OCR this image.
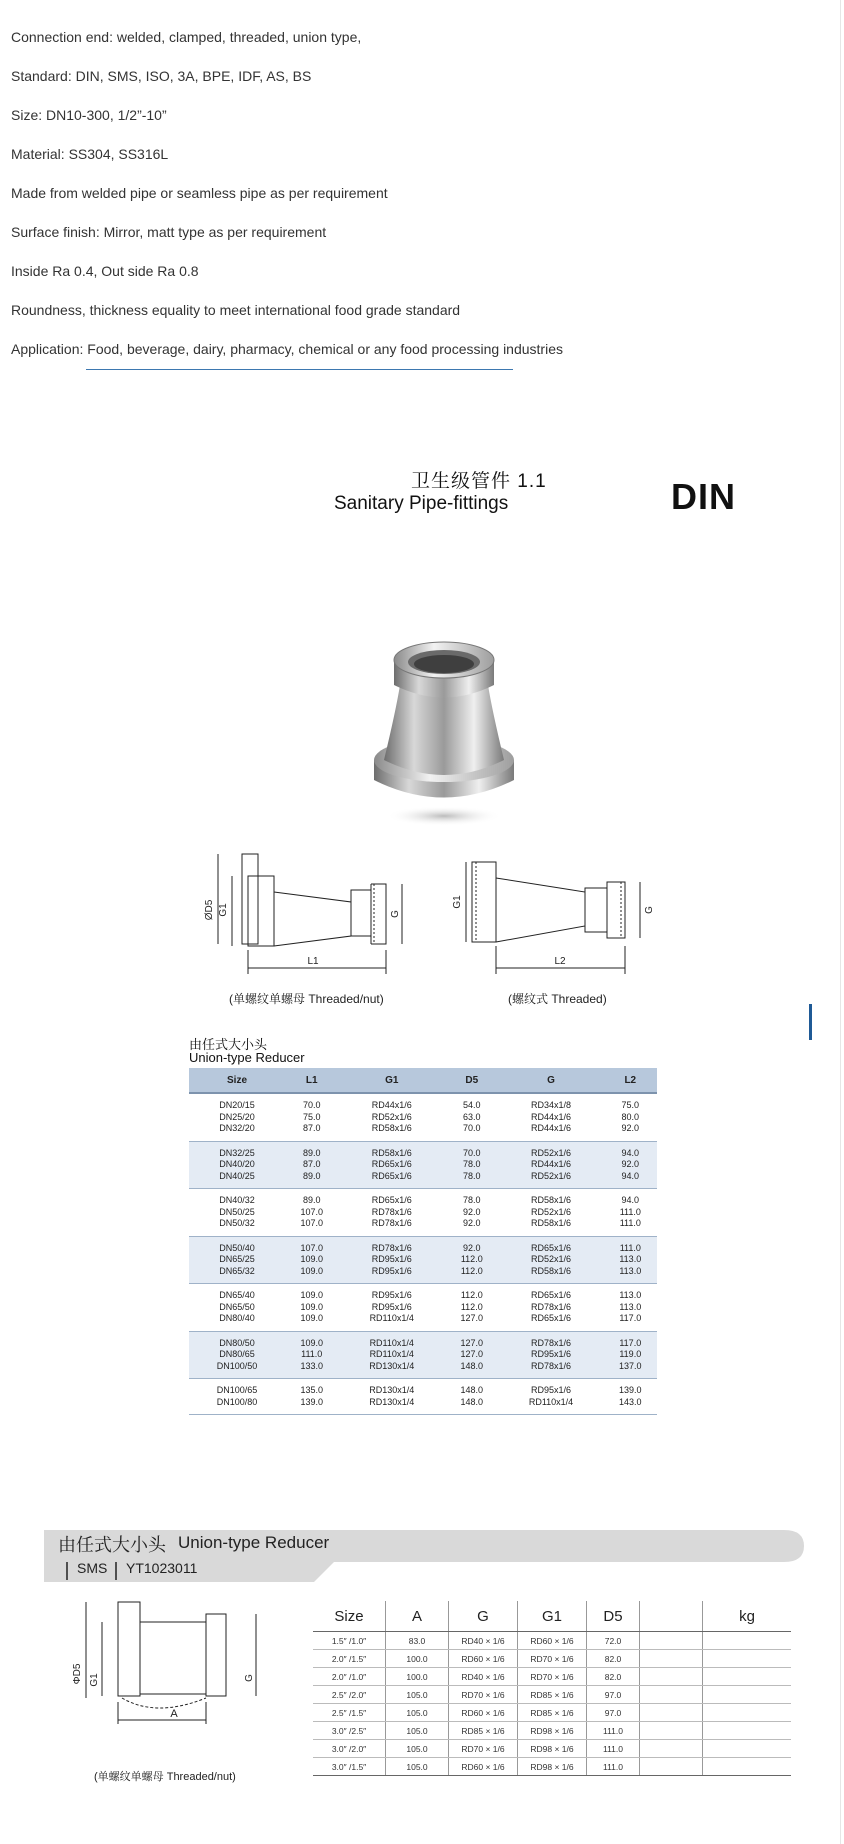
Connection end: welded, clamped, threaded, union type,
Standard: DIN, SMS, ISO, 3A, BPE, IDF, AS, BS
Size: DN10-300, 1/2”-10”
Material: SS304, SS316L
Made from welded pipe or seamless pipe as per requirement
Surface finish: Mirror, matt type as per requirement
Inside Ra 0.4, Out side Ra 0.8
Roundness, thickness equality to meet international food grade standard
Application: Food, beverage, dairy, pharmacy, chemical or any food processing industries
卫生级管件 1.1
Sanitary Pipe-fittings	DIN
ØD5 G1	G
L1
(单螺纹单螺母 Threaded/nut)
G1
G
L2
(螺纹式 Threaded)
由任式大小头
Union-type Reducer
Size	L1	G1	D5	G	L2
DN20/15	70.0	RD44x1/6	54.0	RD34x1/8	75.0
DN25/20	75.0	RD52x1/6	63.0	RD44x1/6	80.0
DN32/20	87.0	RD58x1/6	70.0	RD44x1/6	92.0
DN32/25	89.0	RD58x1/6	70.0	RD52x1/6	94.0
DN40/20	87.0	RD65x1/6	78.0	RD44x1/6	92.0
DN40/25	89.0	RD65x1/6	78.0	RD52x1/6	94.0
DN40/32	89.0	RD65x1/6	78.0	RD58x1/6	94.0
DN50/25	107.0	RD78x1/6	92.0	RD52x1/6	111.0
DN50/32	107.0	RD78x1/6	92.0	RD58x1/6	111.0
DN50/40	107.0	RD78x1/6	92.0	RD65x1/6	111.0
DN65/25	109.0	RD95x1/6	112.0	RD52x1/6	113.0
DN65/32	109.0	RD95x1/6	112.0	RD58x1/6	113.0
DN65/40	109.0	RD95x1/6	112.0	RD65x1/6	113.0
DN65/50	109.0	RD95x1/6	112.0	RD78x1/6	113.0
DN80/40	109.0	RD110x1/4	127.0	RD65x1/6	117.0
DN80/50	109.0	RD110x1/4	127.0	RD78x1/6	117.0
DN80/65	111.0	RD110x1/4	127.0	RD95x1/6	119.0
DN100/50	133.0	RD130x1/4	148.0	RD78x1/6	137.0
DN100/65	135.0	RD130x1/4	148.0	RD95x1/6	139.0
DN100/80	139.0	RD130x1/4	148.0	RD110x1/4	143.0
由任式大小头 Union-type Reducer
SMS YT1023011
ΦD5 G1	G
A
(单螺纹单螺母 Threaded/nut)
Size	A	G	G1	D5		kg
1.5″ /1.0″	83.0	RD40 × 1/6	RD60 × 1/6	72.0		
2.0″ /1.5″	100.0	RD60 × 1/6	RD70 × 1/6	82.0		
2.0″ /1.0″	100.0	RD40 × 1/6	RD70 × 1/6	82.0		
2.5″ /2.0″	105.0	RD70 × 1/6	RD85 × 1/6	97.0		
2.5″ /1.5″	105.0	RD60 × 1/6	RD85 × 1/6	97.0		
3.0″ /2.5″	105.0	RD85 × 1/6	RD98 × 1/6	111.0		
3.0″ /2.0″	105.0	RD70 × 1/6	RD98 × 1/6	111.0		
3.0″ /1.5″	105.0	RD60 × 1/6	RD98 × 1/6	111.0		
